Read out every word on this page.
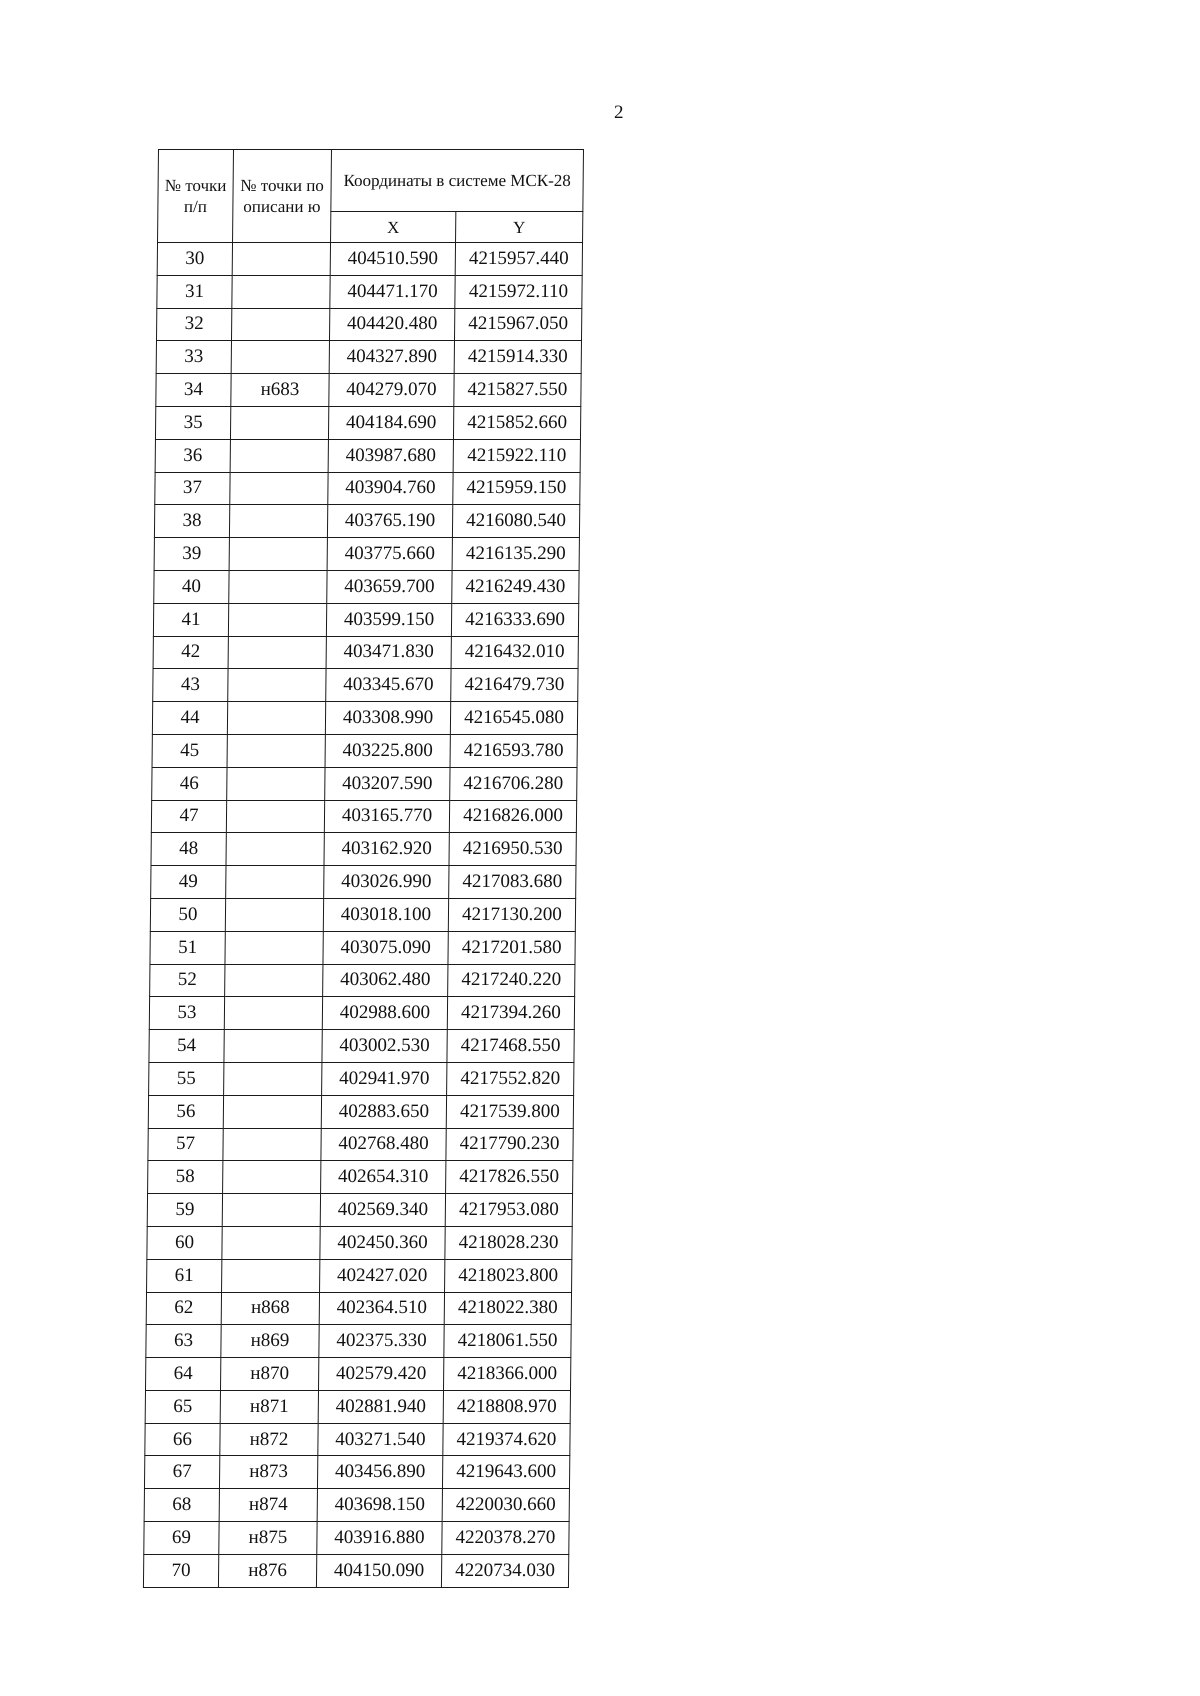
2
№ точки п/п	№ точки по описани ю	Координаты в системе МСК-28	
		X	Y
30		404510.590	4215957.440
31		404471.170	4215972.110
32		404420.480	4215967.050
33		404327.890	4215914.330
34	н683	404279.070	4215827.550
35		404184.690	4215852.660
36		403987.680	4215922.110
37		403904.760	4215959.150
38		403765.190	4216080.540
39		403775.660	4216135.290
40		403659.700	4216249.430
41		403599.150	4216333.690
42		403471.830	4216432.010
43		403345.670	4216479.730
44		403308.990	4216545.080
45		403225.800	4216593.780
46		403207.590	4216706.280
47		403165.770	4216826.000
48		403162.920	4216950.530
49		403026.990	4217083.680
50		403018.100	4217130.200
51		403075.090	4217201.580
52		403062.480	4217240.220
53		402988.600	4217394.260
54		403002.530	4217468.550
55		402941.970	4217552.820
56		402883.650	4217539.800
57		402768.480	4217790.230
58		402654.310	4217826.550
59		402569.340	4217953.080
60		402450.360	4218028.230
61		402427.020	4218023.800
62	н868	402364.510	4218022.380
63	н869	402375.330	4218061.550
64	н870	402579.420	4218366.000
65	н871	402881.940	4218808.970
66	н872	403271.540	4219374.620
67	н873	403456.890	4219643.600
68	н874	403698.150	4220030.660
69	н875	403916.880	4220378.270
70	н876	404150.090	4220734.030
